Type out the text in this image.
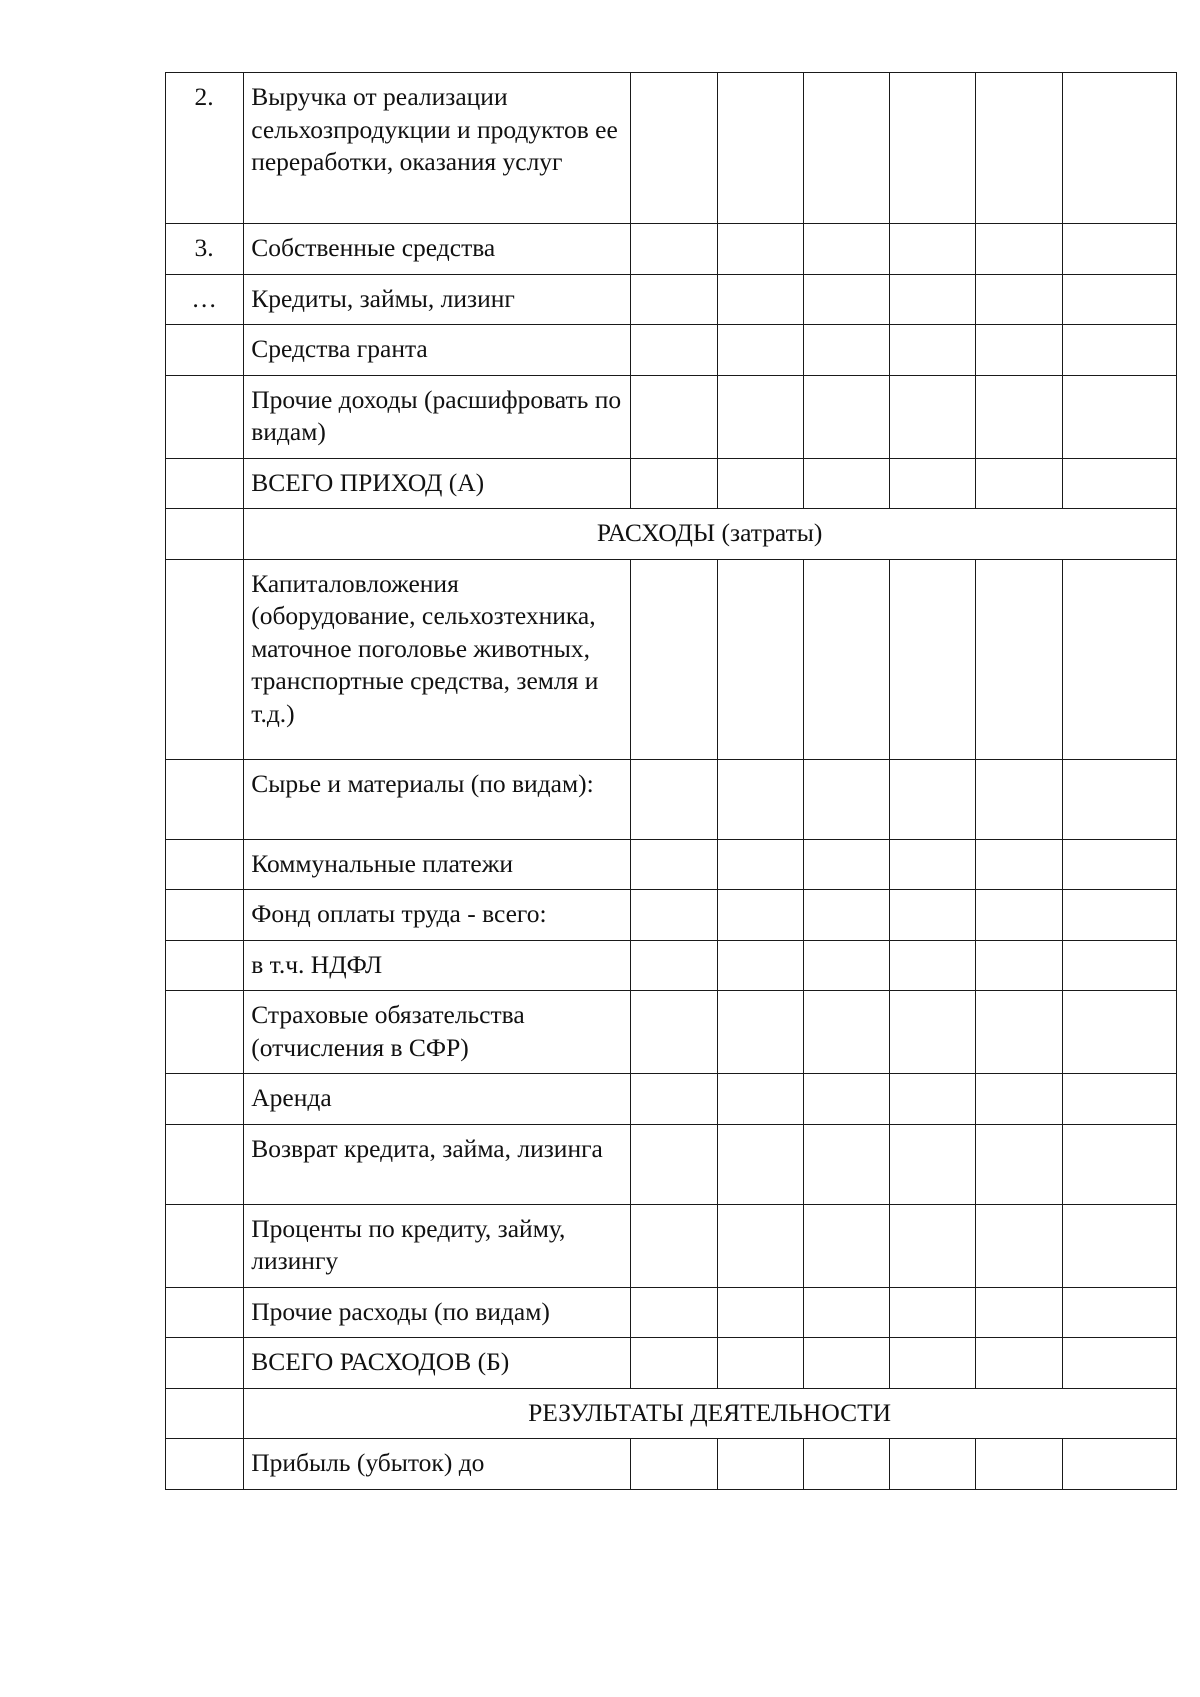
2.	Выручка от реализации сельхозпродукции и продуктов ее переработки, оказания услуг						
3.	Собственные средства						
…	Кредиты, займы, лизинг						
	Средства гранта						
	Прочие доходы (расшифровать по видам)						
	ВСЕГО ПРИХОД (А)						
	РАСХОДЫ (затраты)						
	Капиталовложения (оборудование, сельхозтехника, маточное поголовье животных, транспортные средства, земля и т.д.)						
	Сырье и материалы (по видам):						
	Коммунальные платежи						
	Фонд оплаты труда - всего:						
	в т.ч. НДФЛ						
	Страховые обязательства (отчисления в СФР)						
	Аренда						
	Возврат кредита, займа, лизинга						
	Проценты по кредиту, займу, лизингу						
	Прочие расходы (по видам)						
	ВСЕГО РАСХОДОВ (Б)						
	РЕЗУЛЬТАТЫ ДЕЯТЕЛЬНОСТИ						
	Прибыль (убыток) до						
